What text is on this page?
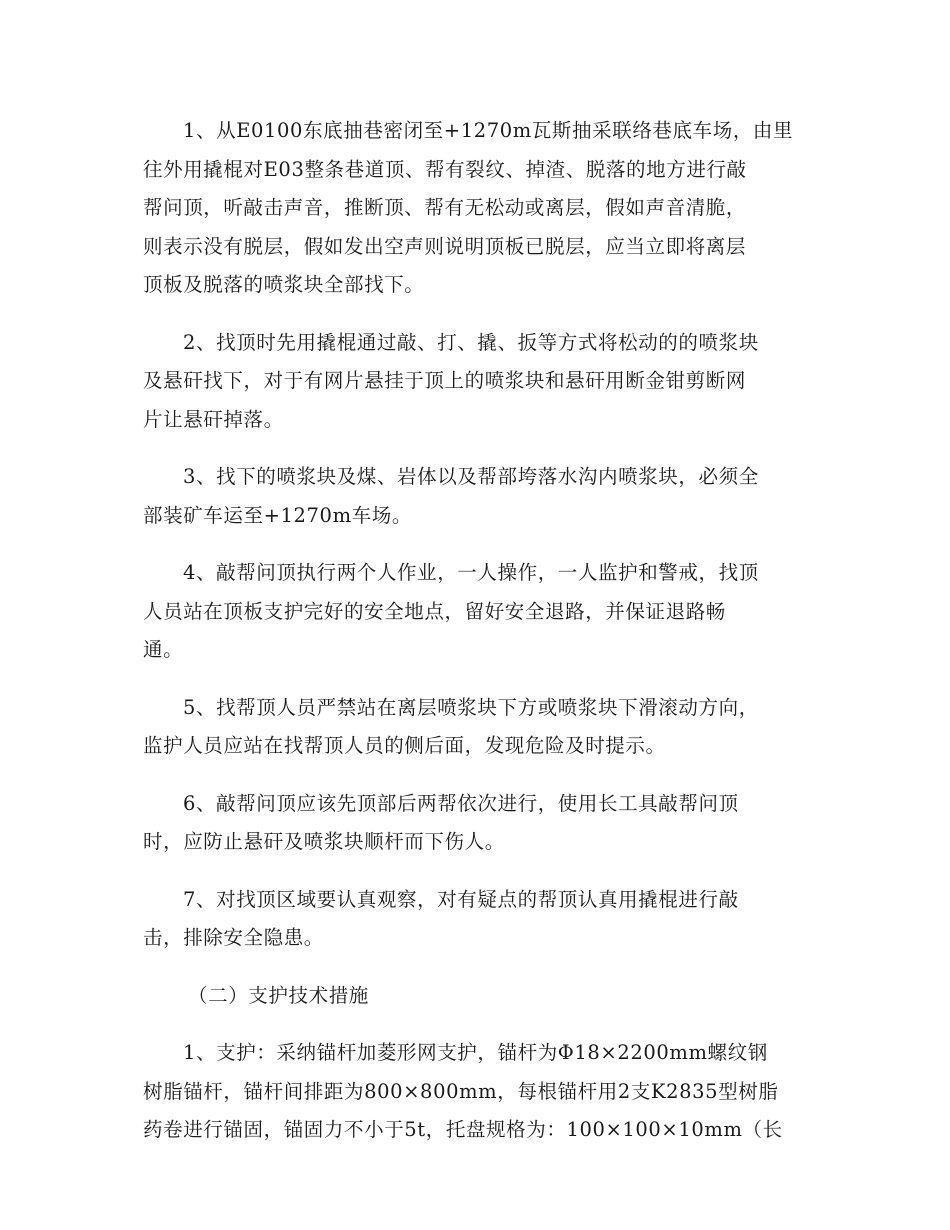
1、从E0100东底抽巷密闭至+1270m瓦斯抽采联络巷底车场，由里
往外用撬棍对E03整条巷道顶、帮有裂纹、掉渣、脱落的地方进行敲
帮问顶，听敲击声音，推断顶、帮有无松动或离层，假如声音清脆，
则表示没有脱层，假如发出空声则说明顶板已脱层，应当立即将离层
顶板及脱落的喷浆块全部找下。
2、找顶时先用撬棍通过敲、打、撬、扳等方式将松动的的喷浆块
及悬矸找下，对于有网片悬挂于顶上的喷浆块和悬矸用断金钳剪断网
片让悬矸掉落。
3、找下的喷浆块及煤、岩体以及帮部垮落水沟内喷浆块，必须全
部装矿车运至+1270m车场。
4、敲帮问顶执行两个人作业，一人操作，一人监护和警戒，找顶
人员站在顶板支护完好的安全地点，留好安全退路，并保证退路畅
通。
5、找帮顶人员严禁站在离层喷浆块下方或喷浆块下滑滚动方向，
监护人员应站在找帮顶人员的侧后面，发现危险及时提示。
6、敲帮问顶应该先顶部后两帮依次进行，使用长工具敲帮问顶
时，应防止悬矸及喷浆块顺杆而下伤人。
7、对找顶区域要认真观察，对有疑点的帮顶认真用撬棍进行敲
击，排除安全隐患。
（二）支护技术措施
1、支护：采纳锚杆加菱形网支护，锚杆为Φ18×2200mm螺纹钢
树脂锚杆，锚杆间排距为800×800mm，每根锚杆用2支K2835型树脂
药卷进行锚固，锚固力不小于5t，托盘规格为：100×100×10mm（长
